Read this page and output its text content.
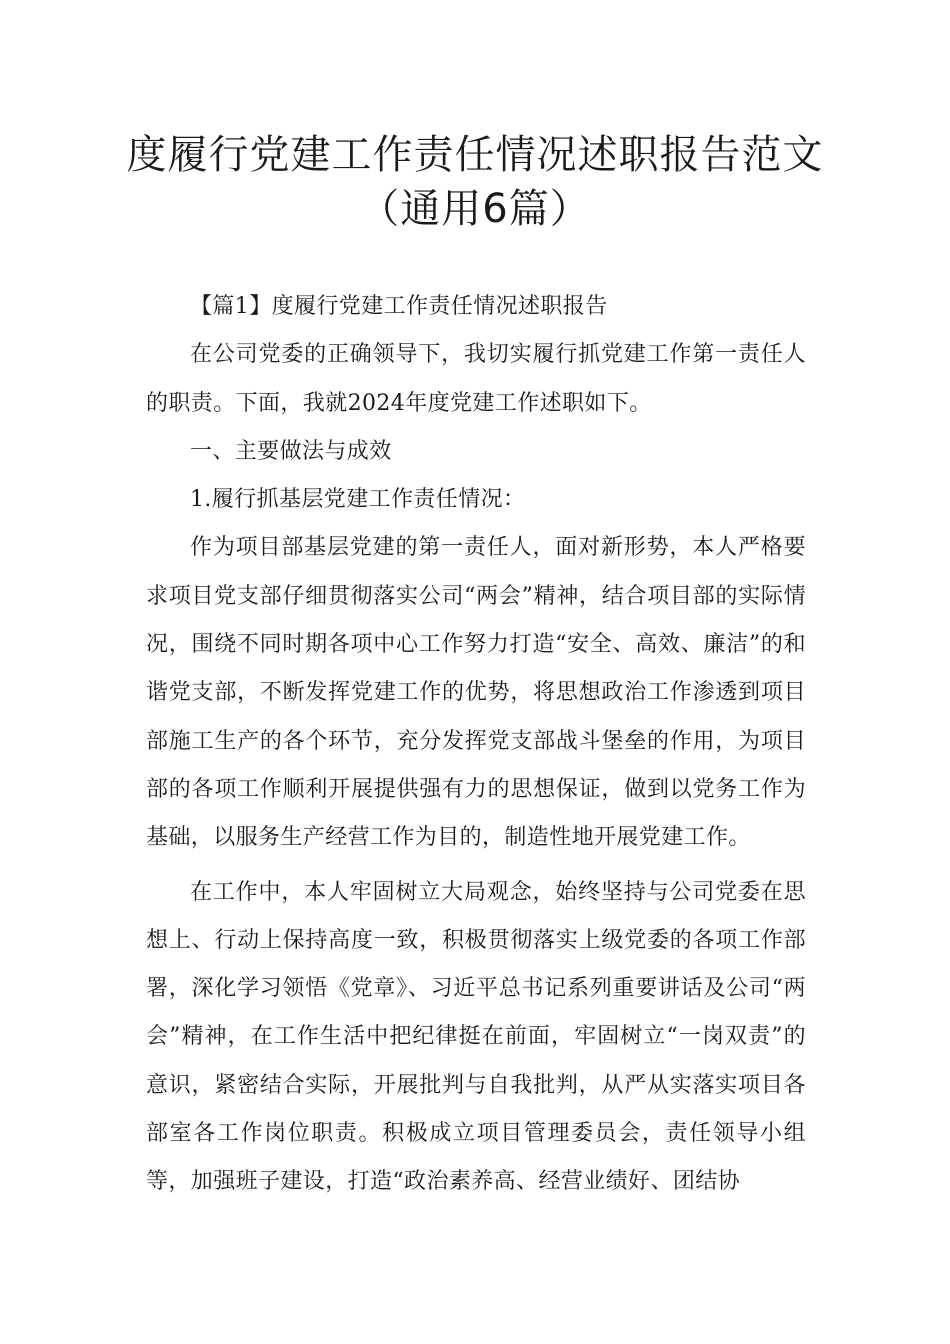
度履行党建工作责任情况述职报告范文
（通用6篇）

【篇1】度履行党建工作责任情况述职报告

在公司党委的正确领导下，我切实履行抓党建工作第一责任人的职责。下面，我就2024年度党建工作述职如下。

一、主要做法与成效

1.履行抓基层党建工作责任情况：

作为项目部基层党建的第一责任人，面对新形势，本人严格要求项目党支部仔细贯彻落实公司“两会”精神，结合项目部的实际情况，围绕不同时期各项中心工作努力打造“安全、高效、廉洁”的和谐党支部，不断发挥党建工作的优势，将思想政治工作渗透到项目部施工生产的各个环节，充分发挥党支部战斗堡垒的作用，为项目部的各项工作顺利开展提供强有力的思想保证，做到以党务工作为基础，以服务生产经营工作为目的，制造性地开展党建工作。

在工作中，本人牢固树立大局观念，始终坚持与公司党委在思想上、行动上保持高度一致，积极贯彻落实上级党委的各项工作部署，深化学习领悟《党章》、习近平总书记系列重要讲话及公司“两会”精神，在工作生活中把纪律挺在前面，牢固树立“一岗双责”的意识，紧密结合实际，开展批判与自我批判，从严从实落实项目各部室各工作岗位职责。积极成立项目管理委员会，责任领导小组等，加强班子建设，打造“政治素养高、经营业绩好、团结协
